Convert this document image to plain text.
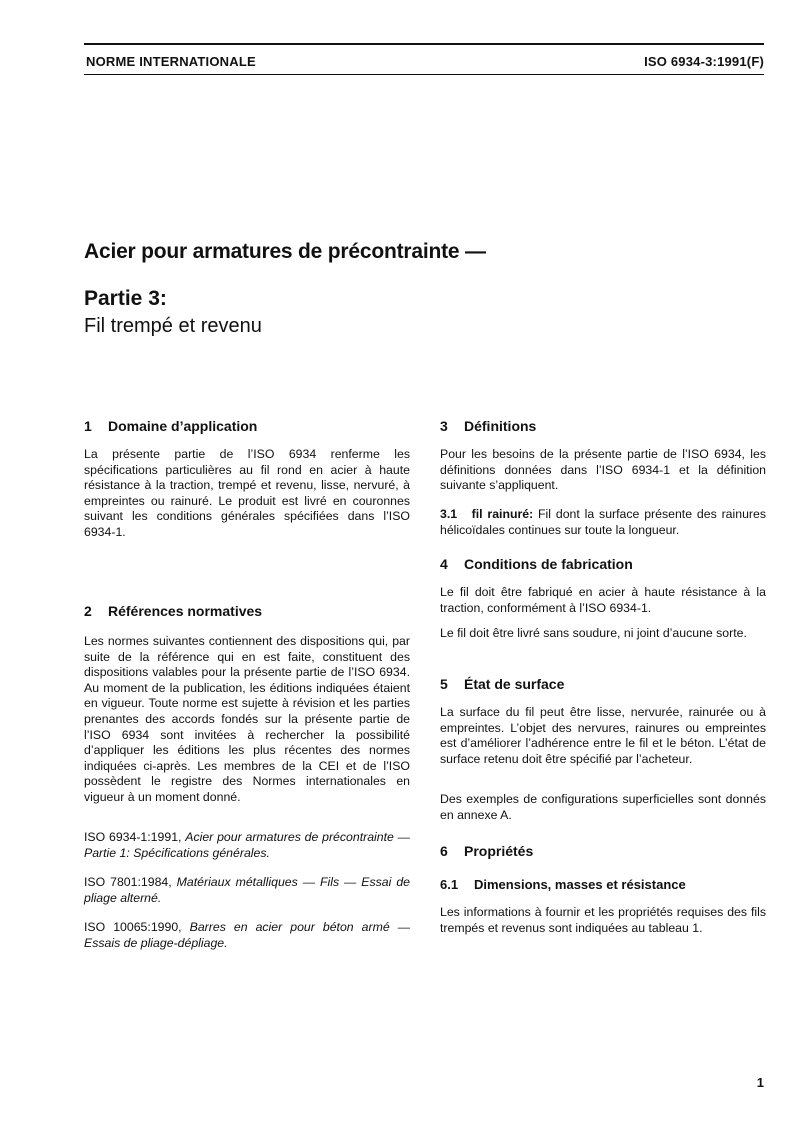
NORME INTERNATIONALE	ISO 6934-3:1991(F)
Acier pour armatures de précontrainte —
Partie 3:
Fil trempé et revenu
1 Domaine d’application
La présente partie de l’ISO 6934 renferme les spécifications particulières au fil rond en acier à haute résistance à la traction, trempé et revenu, lisse, nervuré, à empreintes ou rainuré. Le produit est livré en couronnes suivant les conditions générales spécifiées dans l’ISO 6934-1.
2 Références normatives
Les normes suivantes contiennent des dispositions qui, par suite de la référence qui en est faite, constituent des dispositions valables pour la présente partie de l’ISO 6934. Au moment de la publication, les éditions indiquées étaient en vigueur. Toute norme est sujette à révision et les parties prenantes des accords fondés sur la présente partie de l’ISO 6934 sont invitées à rechercher la possibilité d’appliquer les éditions les plus récentes des normes indiquées ci-après. Les membres de la CEI et de l’ISO possèdent le registre des Normes internationales en vigueur à un moment donné.
ISO 6934-1:1991, Acier pour armatures de précontrainte — Partie 1: Spécifications générales.
ISO 7801:1984, Matériaux métalliques — Fils — Essai de pliage alterné.
ISO 10065:1990, Barres en acier pour béton armé — Essais de pliage-dépliage.
3 Définitions
Pour les besoins de la présente partie de l’ISO 6934, les définitions données dans l’ISO 6934-1 et la définition suivante s’appliquent.
3.1 fil rainuré: Fil dont la surface présente des rainures hélicoïdales continues sur toute la longueur.
4 Conditions de fabrication
Le fil doit être fabriqué en acier à haute résistance à la traction, conformément à l’ISO 6934-1.
Le fil doit être livré sans soudure, ni joint d’aucune sorte.
5 État de surface
La surface du fil peut être lisse, nervurée, rainurée ou à empreintes. L’objet des nervures, rainures ou empreintes est d’améliorer l’adhérence entre le fil et le béton. L’état de surface retenu doit être spécifié par l’acheteur.
Des exemples de configurations superficielles sont donnés en annexe A.
6 Propriétés
6.1 Dimensions, masses et résistance
Les informations à fournir et les propriétés requises des fils trempés et revenus sont indiquées au tableau 1.
1
